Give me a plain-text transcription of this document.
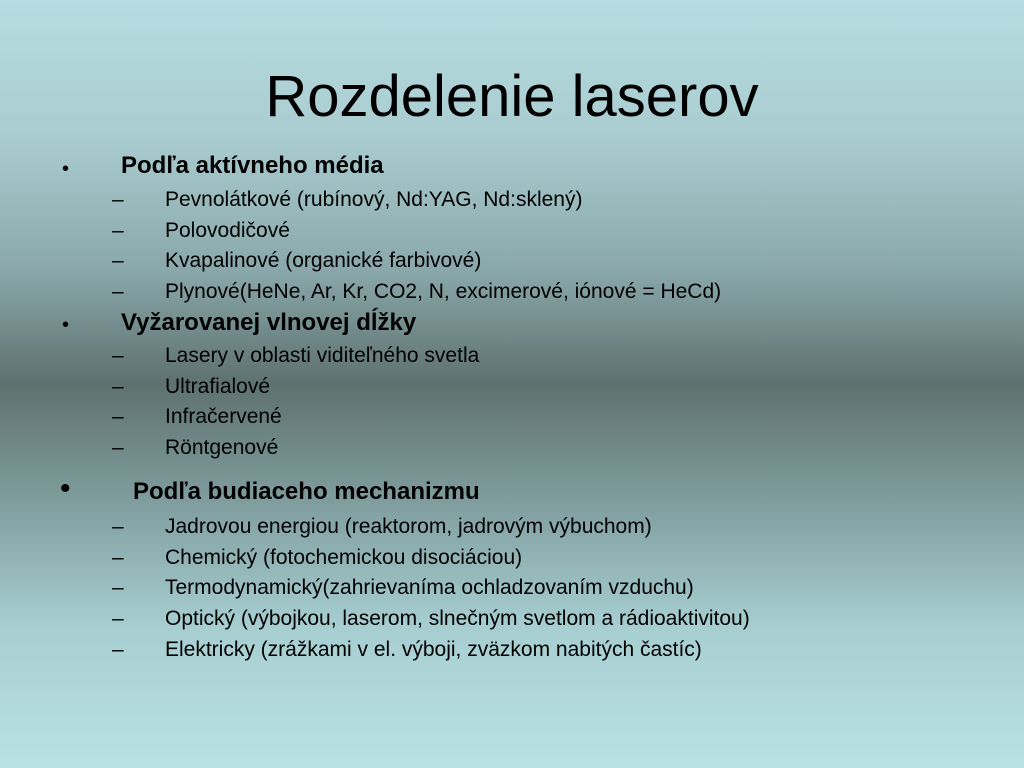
Rozdelenie laserov
• Podľa aktívneho média
– Pevnolátkové (rubínový, Nd:YAG, Nd:sklený)
– Polovodičové
– Kvapalinové (organické farbivové)
– Plynové(HeNe, Ar, Kr, CO2, N, excimerové, iónové = HeCd)
• Vyžarovanej vlnovej dĺžky
– Lasery v oblasti viditeľného svetla
– Ultrafialové
– Infračervené
– Röntgenové
•	Podľa budiaceho mechanizmu
– Jadrovou energiou (reaktorom, jadrovým výbuchom)
– Chemický (fotochemickou disociáciou)
– Termodynamický(zahrievaníma ochladzovaním vzduchu)
– Optický (výbojkou, laserom, slnečným svetlom a rádioaktivitou)
– Elektricky (zrážkami v el. výboji, zväzkom nabitých častíc)
